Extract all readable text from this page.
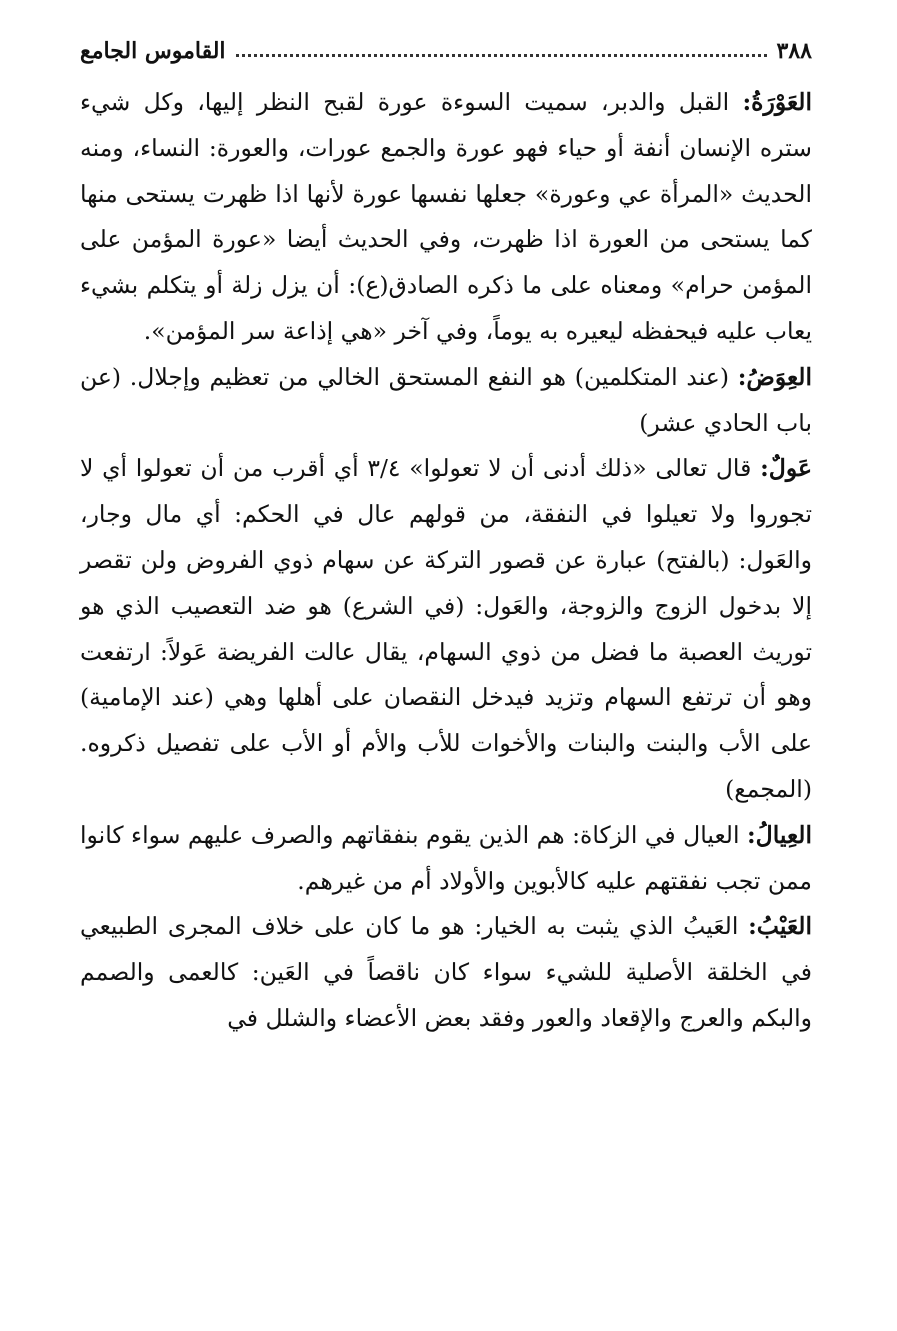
٣٨٨
القاموس الجامع

العَوْرَةُ: القبل والدبر، سميت السوءة عورة لقبح النظر إليها، وكل شيء ستره الإنسان أنفة أو حياء فهو عورة والجمع عورات، والعورة: النساء، ومنه الحديث «المرأة عي وعورة» جعلها نفسها عورة لأنها اذا ظهرت يستحى منها كما يستحى من العورة اذا ظهرت، وفي الحديث أيضا «عورة المؤمن على المؤمن حرام» ومعناه على ما ذكره الصادق(ع): أن يزل زلة أو يتكلم بشيء يعاب عليه فيحفظه ليعيره به يوماً، وفي آخر «هي إذاعة سر المؤمن».

العِوَضُ: (عند المتكلمين) هو النفع المستحق الخالي من تعظيم وإجلال. (عن باب الحادي عشر)

عَولٌ: قال تعالى «ذلك أدنى أن لا تعولوا» ٣/٤ أي أقرب من أن تعولوا أي لا تجوروا ولا تعيلوا في النفقة، من قولهم عال في الحكم: أي مال وجار، والعَول: (بالفتح) عبارة عن قصور التركة عن سهام ذوي الفروض ولن تقصر إلا بدخول الزوج والزوجة، والعَول: (في الشرع) هو ضد التعصيب الذي هو توريث العصبة ما فضل من ذوي السهام، يقال عالت الفريضة عَولاً: ارتفعت وهو أن ترتفع السهام وتزيد فيدخل النقصان على أهلها وهي (عند الإمامية) على الأب والبنت والبنات والأخوات للأب والأم أو الأب على تفصيل ذكروه. (المجمع)

العِيالُ: العيال في الزكاة: هم الذين يقوم بنفقاتهم والصرف عليهم سواء كانوا ممن تجب نفقتهم عليه كالأبوين والأولاد أم من غيرهم.

العَيْبُ: العَيبُ الذي يثبت به الخيار: هو ما كان على خلاف المجرى الطبيعي في الخلقة الأصلية للشيء سواء كان ناقصاً في العَين: كالعمى والصمم والبكم والعرج والإقعاد والعور وفقد بعض الأعضاء والشلل في
